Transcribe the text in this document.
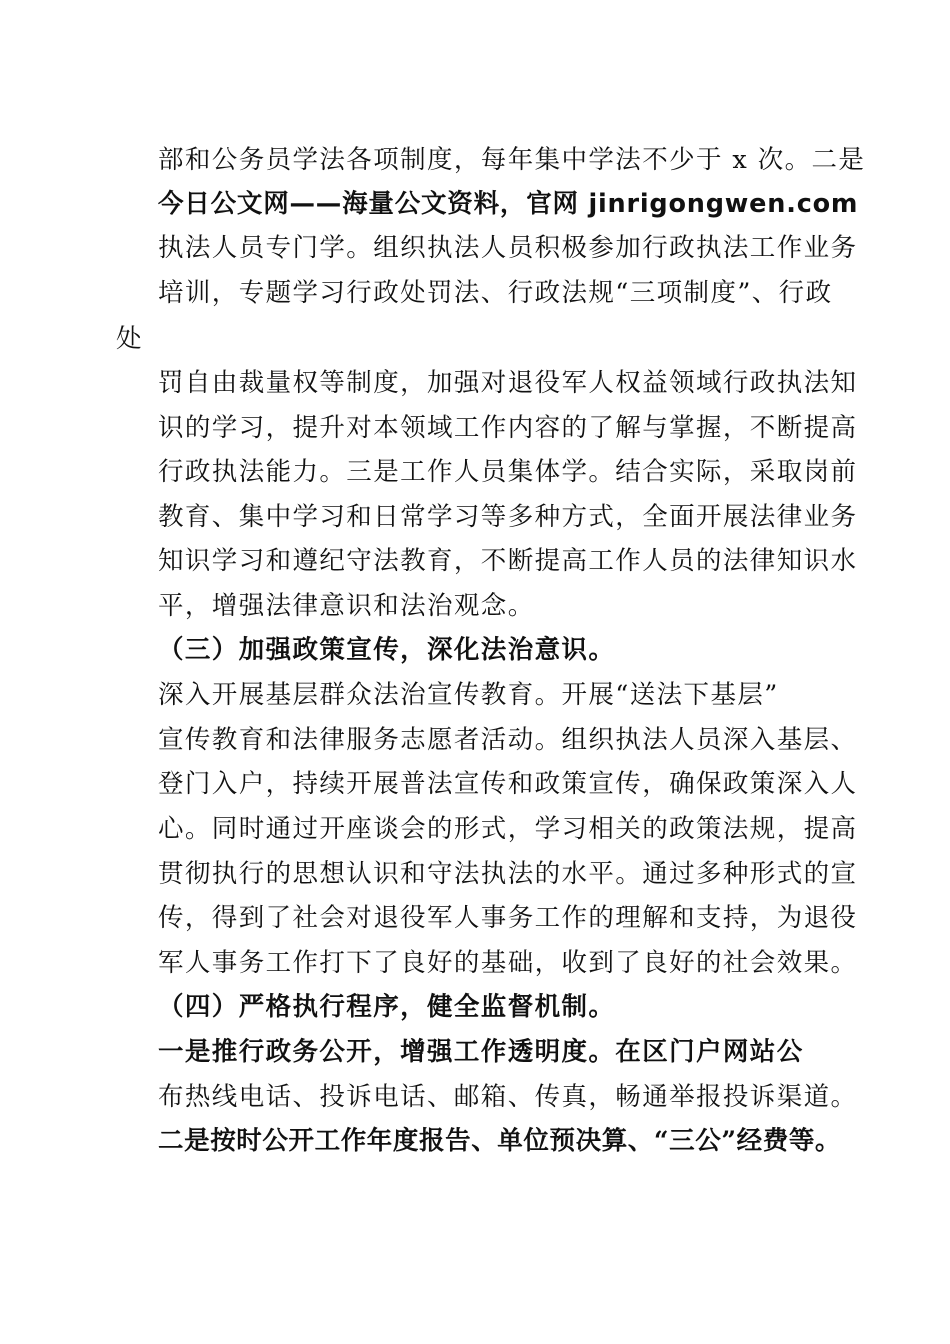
部和公务员学法各项制度，每年集中学法不少于 x 次。二是
今日公文网——海量公文资料，官网 jinrigongwen.com
执法人员专门学。组织执法人员积极参加行政执法工作业务
培训，专题学习行政处罚法、行政法规“三项制度”、行政
处
罚自由裁量权等制度，加强对退役军人权益领域行政执法知
识的学习，提升对本领域工作内容的了解与掌握，不断提高
行政执法能力。三是工作人员集体学。结合实际，采取岗前
教育、集中学习和日常学习等多种方式，全面开展法律业务
知识学习和遵纪守法教育，不断提高工作人员的法律知识水
平，增强法律意识和法治观念。
（三）加强政策宣传，深化法治意识。
深入开展基层群众法治宣传教育。开展“送法下基层”
宣传教育和法律服务志愿者活动。组织执法人员深入基层、
登门入户，持续开展普法宣传和政策宣传，确保政策深入人
心。同时通过开座谈会的形式，学习相关的政策法规，提高
贯彻执行的思想认识和守法执法的水平。通过多种形式的宣
传，得到了社会对退役军人事务工作的理解和支持，为退役
军人事务工作打下了良好的基础，收到了良好的社会效果。
（四）严格执行程序，健全监督机制。
一是推行政务公开，增强工作透明度。在区门户网站公
布热线电话、投诉电话、邮箱、传真，畅通举报投诉渠道。
二是按时公开工作年度报告、单位预决算、“三公”经费等。
